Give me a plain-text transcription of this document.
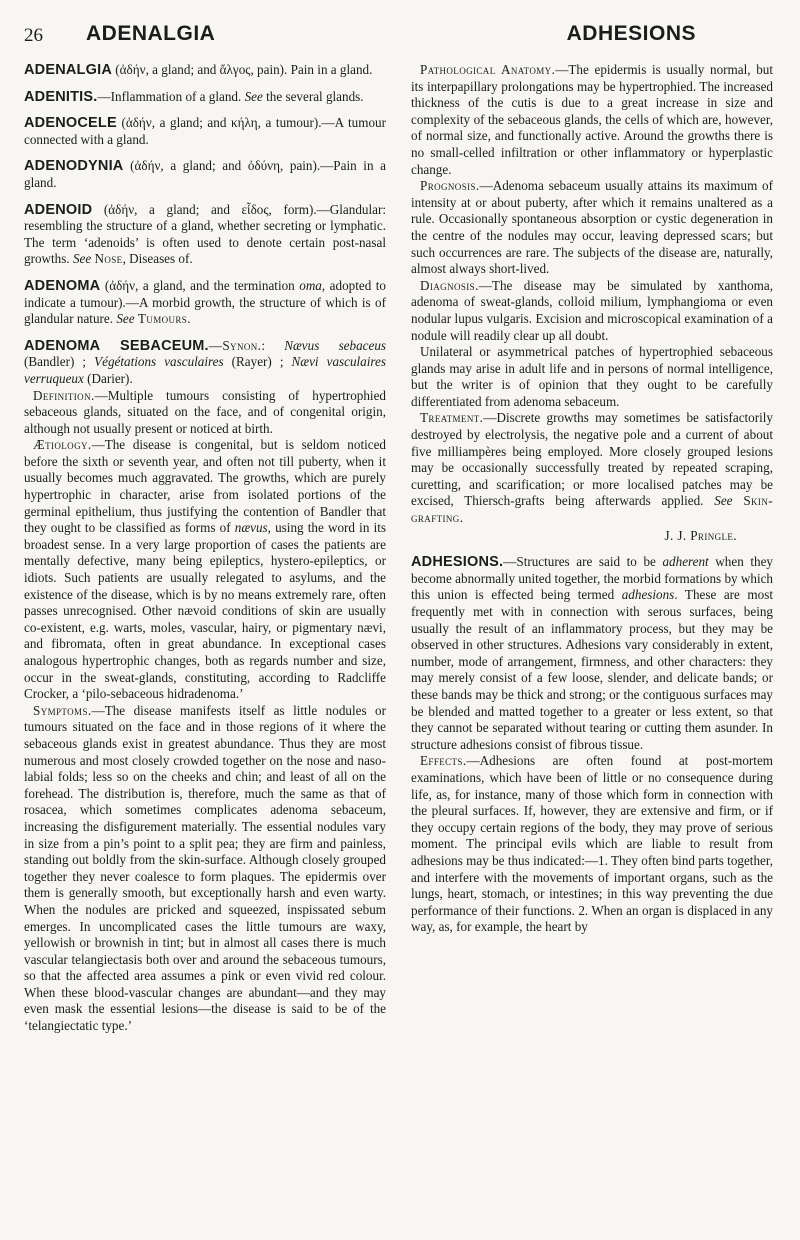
26 ADENALGIA	ADHESIONS

ADENALGIA (ἀδήν, a gland; and ἄλγος, pain). Pain in a gland.

ADENITIS.—Inflammation of a gland. See the several glands.

ADENOCELE (ἀδήν, a gland; and κήλη, a tumour).—A tumour connected with a gland.

ADENODYNIA (ἀδήν, a gland; and ὀδύνη, pain).—Pain in a gland.

ADENOID (ἀδήν, a gland; and εἶδος, form).—Glandular: resembling the structure of a gland, whether secreting or lymphatic. The term ‘adenoids’ is often used to denote certain post-nasal growths. See Nose, Diseases of.

ADENOMA (ἀδήν, a gland, and the termination oma, adopted to indicate a tumour).—A morbid growth, the structure of which is of glandular nature. See Tumours.

ADENOMA SEBACEUM.—Synon.: Nævus sebaceus (Bandler) ; Végétations vasculaires (Rayer) ; Nævi vasculaires verruqueux (Darier).

Definition.—Multiple tumours consisting of hypertrophied sebaceous glands, situated on the face, and of congenital origin, although not usually present or noticed at birth.

Ætiology.—The disease is congenital, but is seldom noticed before the sixth or seventh year, and often not till puberty, when it usually becomes much aggravated. The growths, which are purely hypertrophic in character, arise from isolated portions of the germinal epithelium, thus justifying the contention of Bandler that they ought to be classified as forms of nævus, using the word in its broadest sense. In a very large proportion of cases the patients are mentally defective, many being epileptics, hystero-epileptics, or idiots. Such patients are usually relegated to asylums, and the existence of the disease, which is by no means extremely rare, often passes unrecognised. Other nævoid conditions of skin are usually co-existent, e.g. warts, moles, vascular, hairy, or pigmentary nævi, and fibromata, often in great abundance. In exceptional cases analogous hypertrophic changes, both as regards number and size, occur in the sweat-glands, constituting, according to Radcliffe Crocker, a ‘pilo-sebaceous hidradenoma.’

Symptoms.—The disease manifests itself as little nodules or tumours situated on the face and in those regions of it where the sebaceous glands exist in greatest abundance. Thus they are most numerous and most closely crowded together on the nose and naso-labial folds; less so on the cheeks and chin; and least of all on the forehead. The distribution is, therefore, much the same as that of rosacea, which sometimes complicates adenoma sebaceum, increasing the disfigurement materially. The essential nodules vary in size from a pin’s point to a split pea; they are firm and painless, standing out boldly from the skin-surface. Although closely grouped together they never coalesce to form plaques. The epidermis over them is generally smooth, but exceptionally harsh and even warty. When the nodules are pricked and squeezed, inspissated sebum emerges. In uncomplicated cases the little tumours are waxy, yellowish or brownish in tint; but in almost all cases there is much vascular telangiectasis both over and around the sebaceous tumours, so that the affected area assumes a pink or even vivid red colour. When these blood-vascular changes are abundant—and they may even mask the essential lesions—the disease is said to be of the ‘telangiectatic type.’

Pathological Anatomy.—The epidermis is usually normal, but its interpapillary prolongations may be hypertrophied. The increased thickness of the cutis is due to a great increase in size and complexity of the sebaceous glands, the cells of which are, however, of normal size, and functionally active. Around the growths there is no small-celled infiltration or other inflammatory or hyperplastic change.

Prognosis.—Adenoma sebaceum usually attains its maximum of intensity at or about puberty, after which it remains unaltered as a rule. Occasionally spontaneous absorption or cystic degeneration in the centre of the nodules may occur, leaving depressed scars; but such occurrences are rare. The subjects of the disease are, naturally, almost always short-lived.

Diagnosis.—The disease may be simulated by xanthoma, adenoma of sweat-glands, colloid milium, lymphangioma or even nodular lupus vulgaris. Excision and microscopical examination of a nodule will readily clear up all doubt.

Unilateral or asymmetrical patches of hypertrophied sebaceous glands may arise in adult life and in persons of normal intelligence, but the writer is of opinion that they ought to be carefully differentiated from adenoma sebaceum.

Treatment.—Discrete growths may sometimes be satisfactorily destroyed by electrolysis, the negative pole and a current of about five milliampères being employed. More closely grouped lesions may be occasionally successfully treated by repeated scraping, curetting, and scarification; or more localised patches may be excised, Thiersch-grafts being afterwards applied. See Skin-grafting.

J. J. Pringle.

ADHESIONS.—Structures are said to be adherent when they become abnormally united together, the morbid formations by which this union is effected being termed adhesions. These are most frequently met with in connection with serous surfaces, being usually the result of an inflammatory process, but they may be observed in other structures. Adhesions vary considerably in extent, number, mode of arrangement, firmness, and other characters: they may merely consist of a few loose, slender, and delicate bands; or these bands may be thick and strong; or the contiguous surfaces may be blended and matted together to a greater or less extent, so that they cannot be separated without tearing or cutting them asunder. In structure adhesions consist of fibrous tissue.

Effects.—Adhesions are often found at post-mortem examinations, which have been of little or no consequence during life, as, for instance, many of those which form in connection with the pleural surfaces. If, however, they are extensive and firm, or if they occupy certain regions of the body, they may prove of serious moment. The principal evils which are liable to result from adhesions may be thus indicated:—1. They often bind parts together, and interfere with the movements of important organs, such as the lungs, heart, stomach, or intestines; in this way preventing the due performance of their functions. 2. When an organ is displaced in any way, as, for example, the heart by
